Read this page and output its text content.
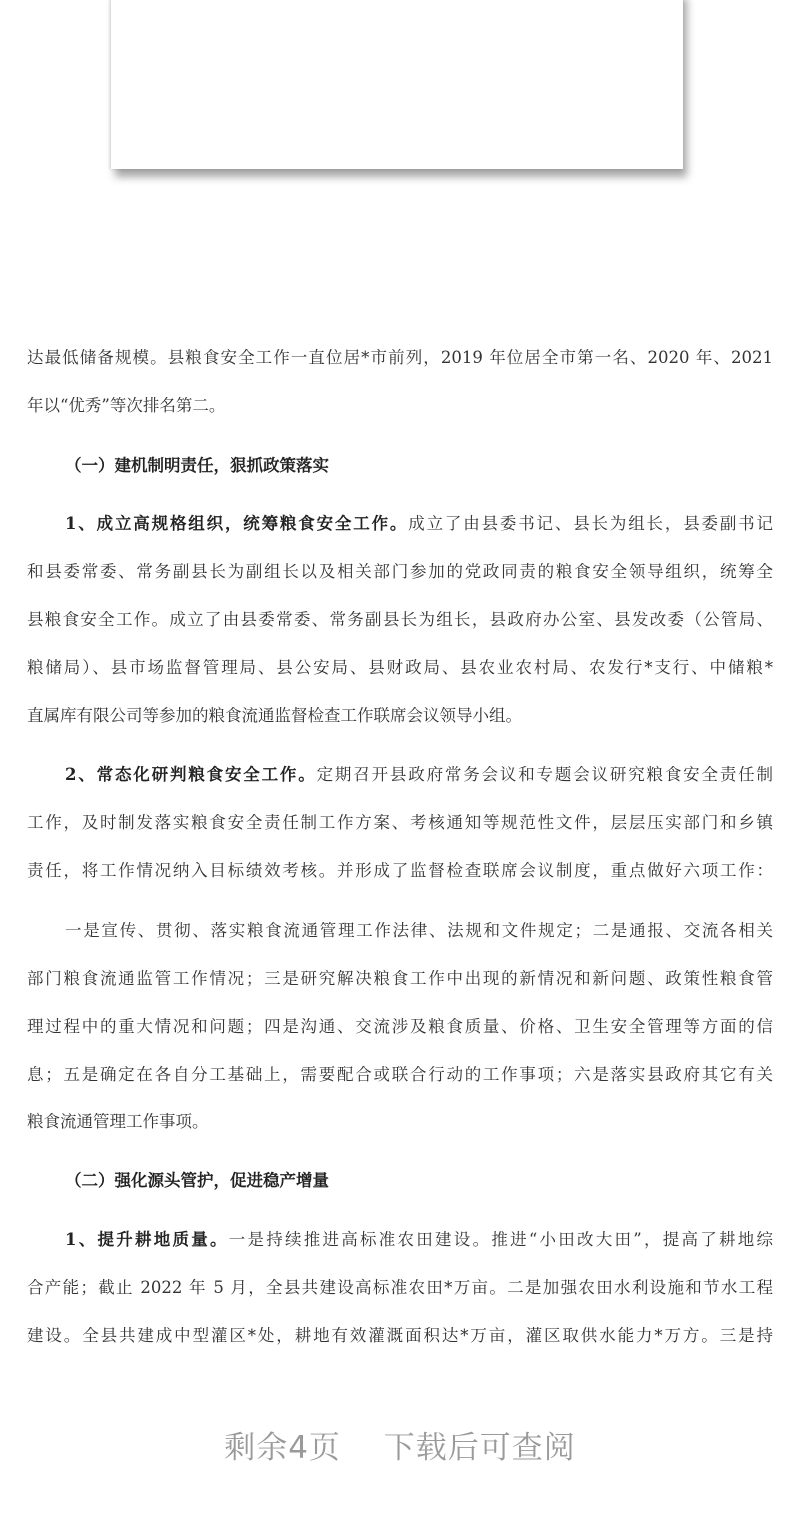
达最低储备规模。县粮食安全工作一直位居*市前列，2019 年位居全市第一名、2020 年、2021
年以“优秀”等次排名第二。
（一）建机制明责任，狠抓政策落实
1、成立高规格组织，统筹粮食安全工作。成立了由县委书记、县长为组长，县委副书记
和县委常委、常务副县长为副组长以及相关部门参加的党政同责的粮食安全领导组织，统筹全
县粮食安全工作。成立了由县委常委、常务副县长为组长，县政府办公室、县发改委（公管局、
粮储局）、县市场监督管理局、县公安局、县财政局、县农业农村局、农发行*支行、中储粮*
直属库有限公司等参加的粮食流通监督检查工作联席会议领导小组。
2、常态化研判粮食安全工作。定期召开县政府常务会议和专题会议研究粮食安全责任制
工作，及时制发落实粮食安全责任制工作方案、考核通知等规范性文件，层层压实部门和乡镇
责任，将工作情况纳入目标绩效考核。并形成了监督检查联席会议制度，重点做好六项工作：
一是宣传、贯彻、落实粮食流通管理工作法律、法规和文件规定；二是通报、交流各相关
部门粮食流通监管工作情况；三是研究解决粮食工作中出现的新情况和新问题、政策性粮食管
理过程中的重大情况和问题；四是沟通、交流涉及粮食质量、价格、卫生安全管理等方面的信
息；五是确定在各自分工基础上，需要配合或联合行动的工作事项；六是落实县政府其它有关
粮食流通管理工作事项。
（二）强化源头管护，促进稳产增量
1、提升耕地质量。一是持续推进高标准农田建设。推进“小田改大田”，提高了耕地综
合产能；截止 2022 年 5 月，全县共建设高标准农田*万亩。二是加强农田水利设施和节水工程
建设。全县共建成中型灌区*处，耕地有效灌溉面积达*万亩，灌区取供水能力*万方。三是持
剩余4页 下载后可查阅
